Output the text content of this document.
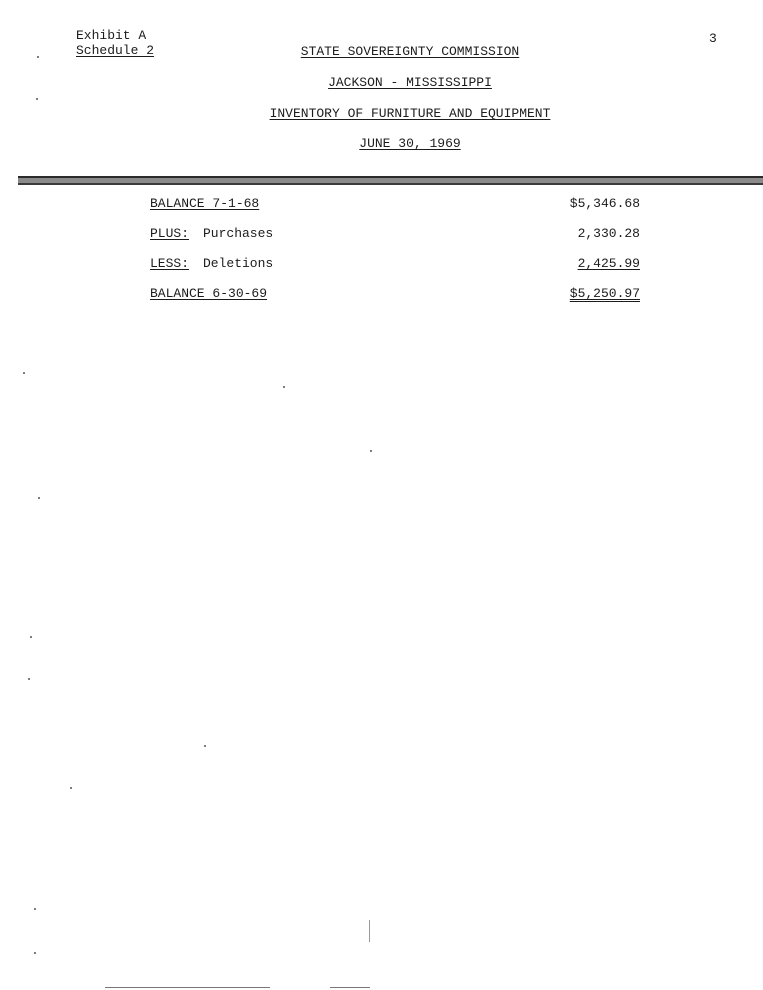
Exhibit A
Schedule 2
3
STATE SOVEREIGNTY COMMISSION
JACKSON - MISSISSIPPI
INVENTORY OF FURNITURE AND EQUIPMENT
JUNE 30, 1969
BALANCE 7-1-68	$5,346.68
PLUS: Purchases	2,330.28
LESS: Deletions	2,425.99
BALANCE 6-30-69	$5,250.97
